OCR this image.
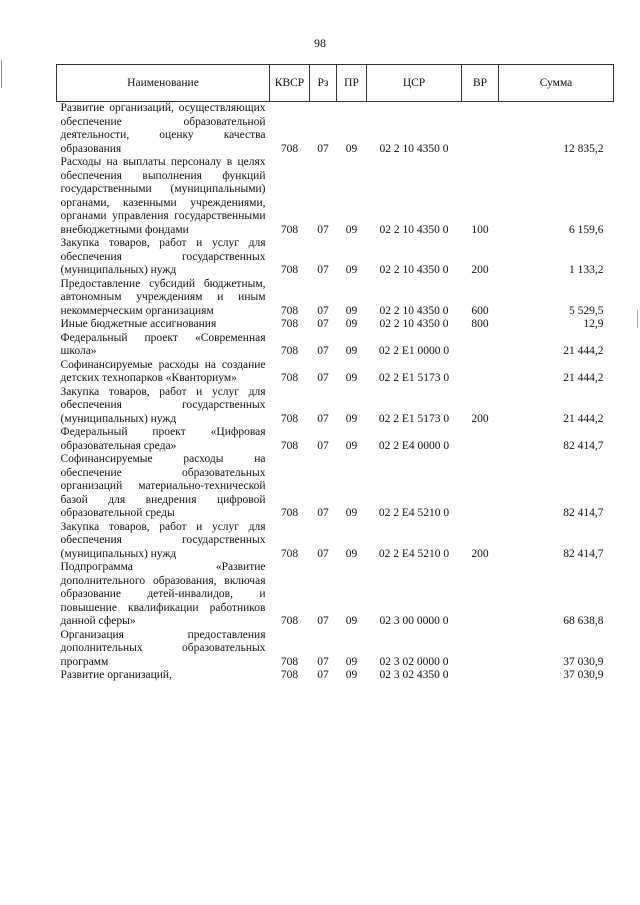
98
Наименование	КВСР	Рз	ПР	ЦСР	ВР	Сумма
Развитие организаций, осуществляющих обеспечение образовательной деятельности, оценку качества образования	708	07	09	02 2 10 4350 0		12 835,2
Расходы на выплаты персоналу в целях обеспечения выполнения функций государственными (муниципальными) органами, казенными учреждениями, органами управления государственными внебюджетными фондами	708	07	09	02 2 10 4350 0	100	6 159,6
Закупка товаров, работ и услуг для обеспечения государственных (муниципальных) нужд	708	07	09	02 2 10 4350 0	200	1 133,2
Предоставление субсидий бюджетным, автономным учреждениям и иным некоммерческим организациям	708	07	09	02 2 10 4350 0	600	5 529,5
Иные бюджетные ассигнования	708	07	09	02 2 10 4350 0	800	12,9
Федеральный проект «Современная школа»	708	07	09	02 2 E1 0000 0		21 444,2
Софинансируемые расходы на создание детских технопарков «Кванториум»	708	07	09	02 2 E1 5173 0		21 444,2
Закупка товаров, работ и услуг для обеспечения государственных (муниципальных) нужд	708	07	09	02 2 E1 5173 0	200	21 444,2
Федеральный проект «Цифровая образовательная среда»	708	07	09	02 2 E4 0000 0		82 414,7
Софинансируемые расходы на обеспечение образовательных организаций материально-технической базой для внедрения цифровой образовательной среды	708	07	09	02 2 E4 5210 0		82 414,7
Закупка товаров, работ и услуг для обеспечения государственных (муниципальных) нужд	708	07	09	02 2 E4 5210 0	200	82 414,7
Подпрограмма «Развитие дополнительного образования, включая образование детей-инвалидов, и повышение квалификации работников данной сферы»	708	07	09	02 3 00 0000 0		68 638,8
Организация предоставления дополнительных образовательных программ	708	07	09	02 3 02 0000 0		37 030,9
Развитие организаций,	708	07	09	02 3 02 4350 0		37 030,9
